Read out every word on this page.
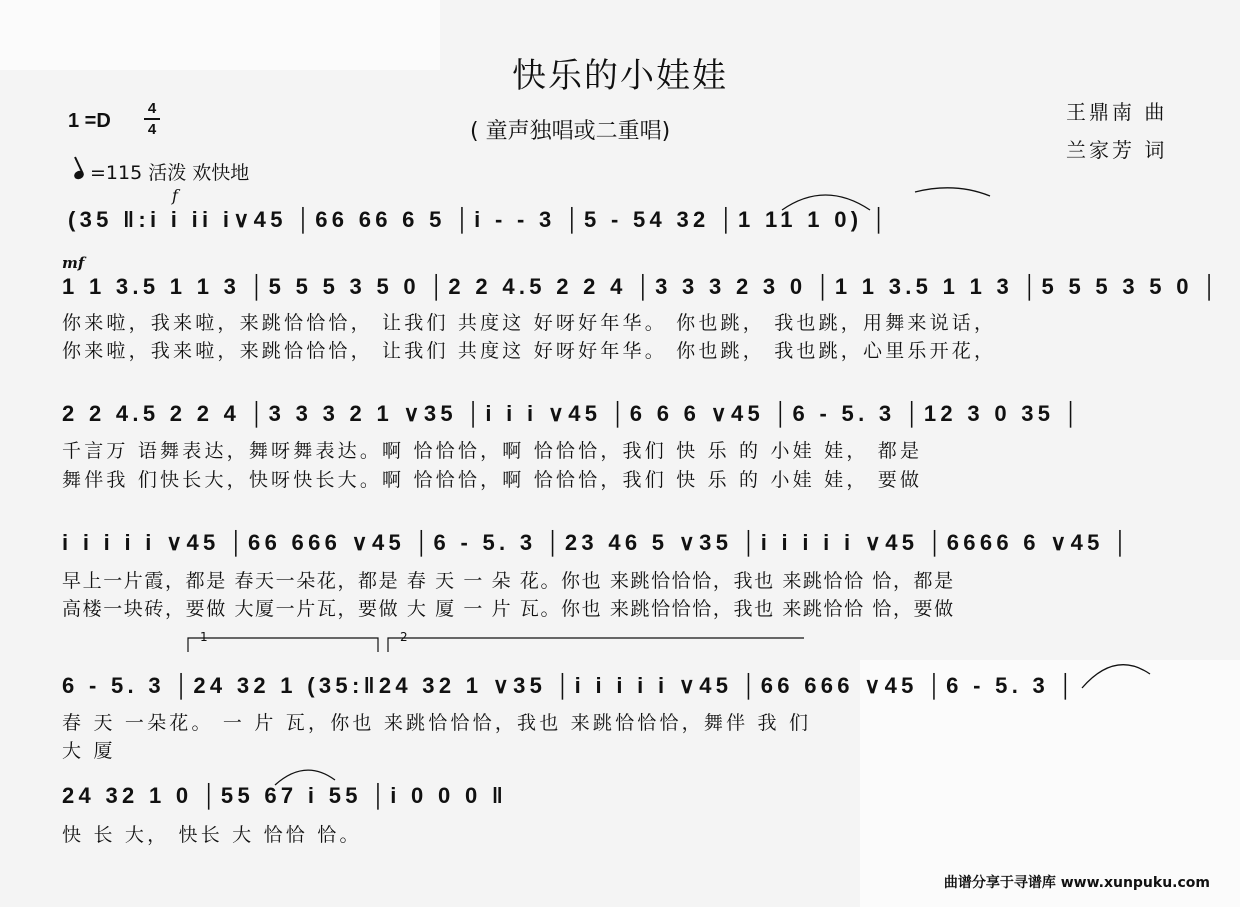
快乐的小娃娃
( 童声独唱或二重唱)
王鼎南 曲
兰家芳 词
1 =D
4
4
=115 活泼 欢快地
f
mf
1	2
(35 ‖:i i ii i∨45 │66 66 6 5 │i - - 3 │5 - 54 32 │1 11 1 0) │
1 1 3.5 1 1 3 │5 5 5 3 5 0 │2 2 4.5 2 2 4 │3 3 3 2 3 0 │1 1 3.5 1 1 3 │5 5 5 3 5 0 │
你来啦，我来啦，来跳恰恰恰， 让我们 共度这 好呀好年华。 你也跳， 我也跳，用舞来说话，
你来啦，我来啦，来跳恰恰恰， 让我们 共度这 好呀好年华。 你也跳， 我也跳，心里乐开花，
2 2 4.5 2 2 4 │3 3 3 2 1 ∨35 │i i i ∨45 │6 6 6 ∨45 │6 - 5. 3 │12 3 0 35 │
千言万 语舞表达，舞呀舞表达。啊 恰恰恰，啊 恰恰恰，我们 快 乐 的 小娃 娃， 都是
舞伴我 们快长大，快呀快长大。啊 恰恰恰，啊 恰恰恰，我们 快 乐 的 小娃 娃， 要做
i i i i i ∨45 │66 666 ∨45 │6 - 5. 3 │23 46 5 ∨35 │i i i i i ∨45 │6666 6 ∨45 │
早上一片霞，都是 春天一朵花，都是 春 天 一 朵 花。你也 来跳恰恰恰，我也 来跳恰恰 恰，都是
高楼一块砖，要做 大厦一片瓦，要做 大 厦 一 片 瓦。你也 来跳恰恰恰，我也 来跳恰恰 恰，要做
6 - 5. 3 │24 32 1 (35:‖24 32 1 ∨35 │i i i i i ∨45 │66 666 ∨45 │6 - 5. 3 │
春 天 一朵花。 一 片 瓦，你也 来跳恰恰恰，我也 来跳恰恰恰，舞伴 我 们
大 厦
24 32 1 0 │55 67 i 55 │i 0 0 0 ‖
快 长 大， 快长 大 恰恰 恰。
曲谱分享于寻谱库 www.xunpuku.com
